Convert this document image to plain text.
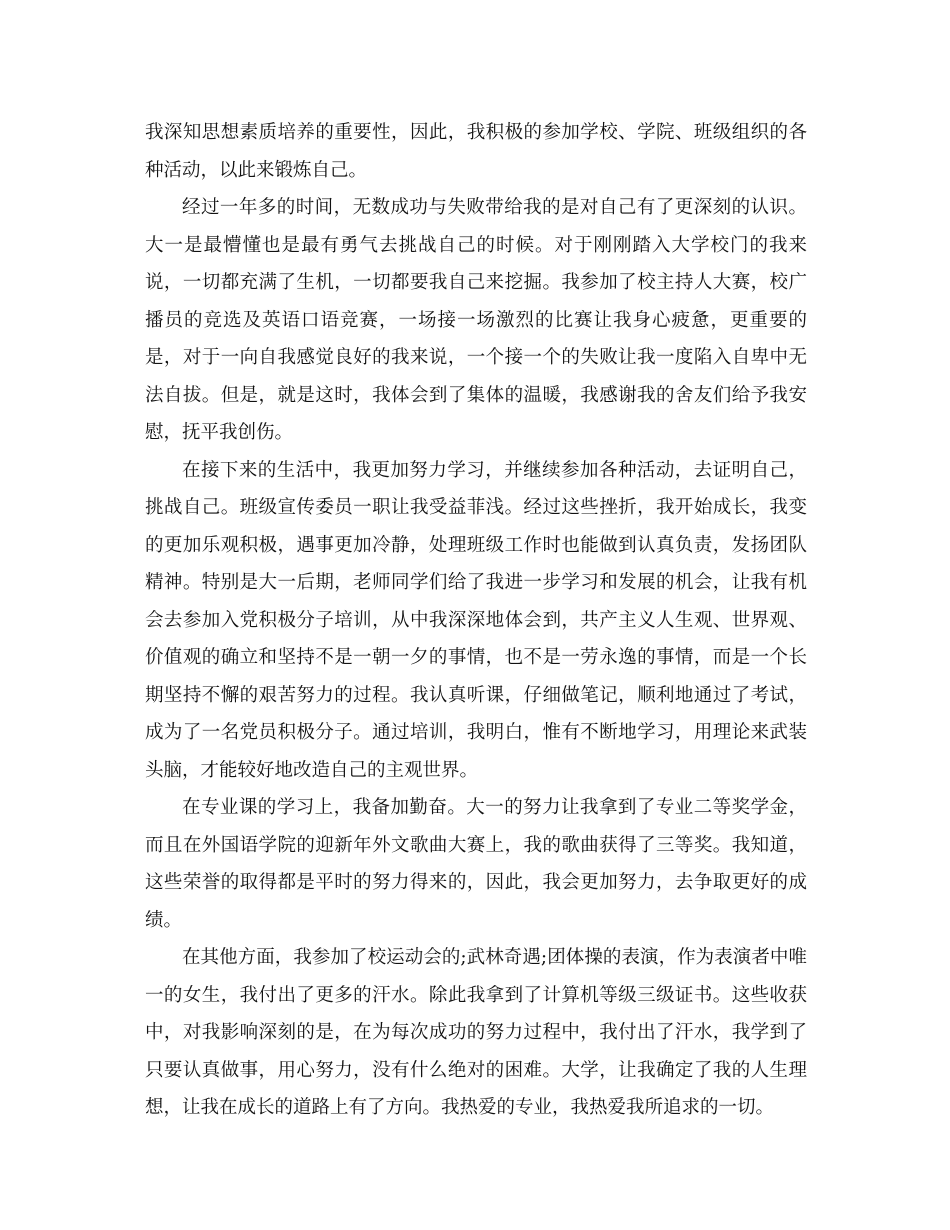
我深知思想素质培养的重要性，因此，我积极的参加学校、学院、班级组织的各种活动，以此来锻炼自己。

经过一年多的时间，无数成功与失败带给我的是对自己有了更深刻的认识。大一是最懵懂也是最有勇气去挑战自己的时候。对于刚刚踏入大学校门的我来说，一切都充满了生机，一切都要我自己来挖掘。我参加了校主持人大赛，校广播员的竞选及英语口语竞赛，一场接一场激烈的比赛让我身心疲惫，更重要的是，对于一向自我感觉良好的我来说，一个接一个的失败让我一度陷入自卑中无法自拔。但是，就是这时，我体会到了集体的温暖，我感谢我的舍友们给予我安慰，抚平我创伤。

在接下来的生活中，我更加努力学习，并继续参加各种活动，去证明自己，挑战自己。班级宣传委员一职让我受益菲浅。经过这些挫折，我开始成长，我变的更加乐观积极，遇事更加冷静，处理班级工作时也能做到认真负责，发扬团队精神。特别是大一后期，老师同学们给了我进一步学习和发展的机会，让我有机会去参加入党积极分子培训，从中我深深地体会到，共产主义人生观、世界观、价值观的确立和坚持不是一朝一夕的事情，也不是一劳永逸的事情，而是一个长期坚持不懈的艰苦努力的过程。我认真听课，仔细做笔记，顺利地通过了考试，成为了一名党员积极分子。通过培训，我明白，惟有不断地学习，用理论来武装头脑，才能较好地改造自己的主观世界。

在专业课的学习上，我备加勤奋。大一的努力让我拿到了专业二等奖学金，而且在外国语学院的迎新年外文歌曲大赛上，我的歌曲获得了三等奖。我知道，这些荣誉的取得都是平时的努力得来的，因此，我会更加努力，去争取更好的成绩。

在其他方面，我参加了校运动会的;武林奇遇;团体操的表演，作为表演者中唯一的女生，我付出了更多的汗水。除此我拿到了计算机等级三级证书。这些收获中，对我影响深刻的是，在为每次成功的努力过程中，我付出了汗水，我学到了只要认真做事，用心努力，没有什么绝对的困难。大学，让我确定了我的人生理想，让我在成长的道路上有了方向。我热爱的专业，我热爱我所追求的一切。
